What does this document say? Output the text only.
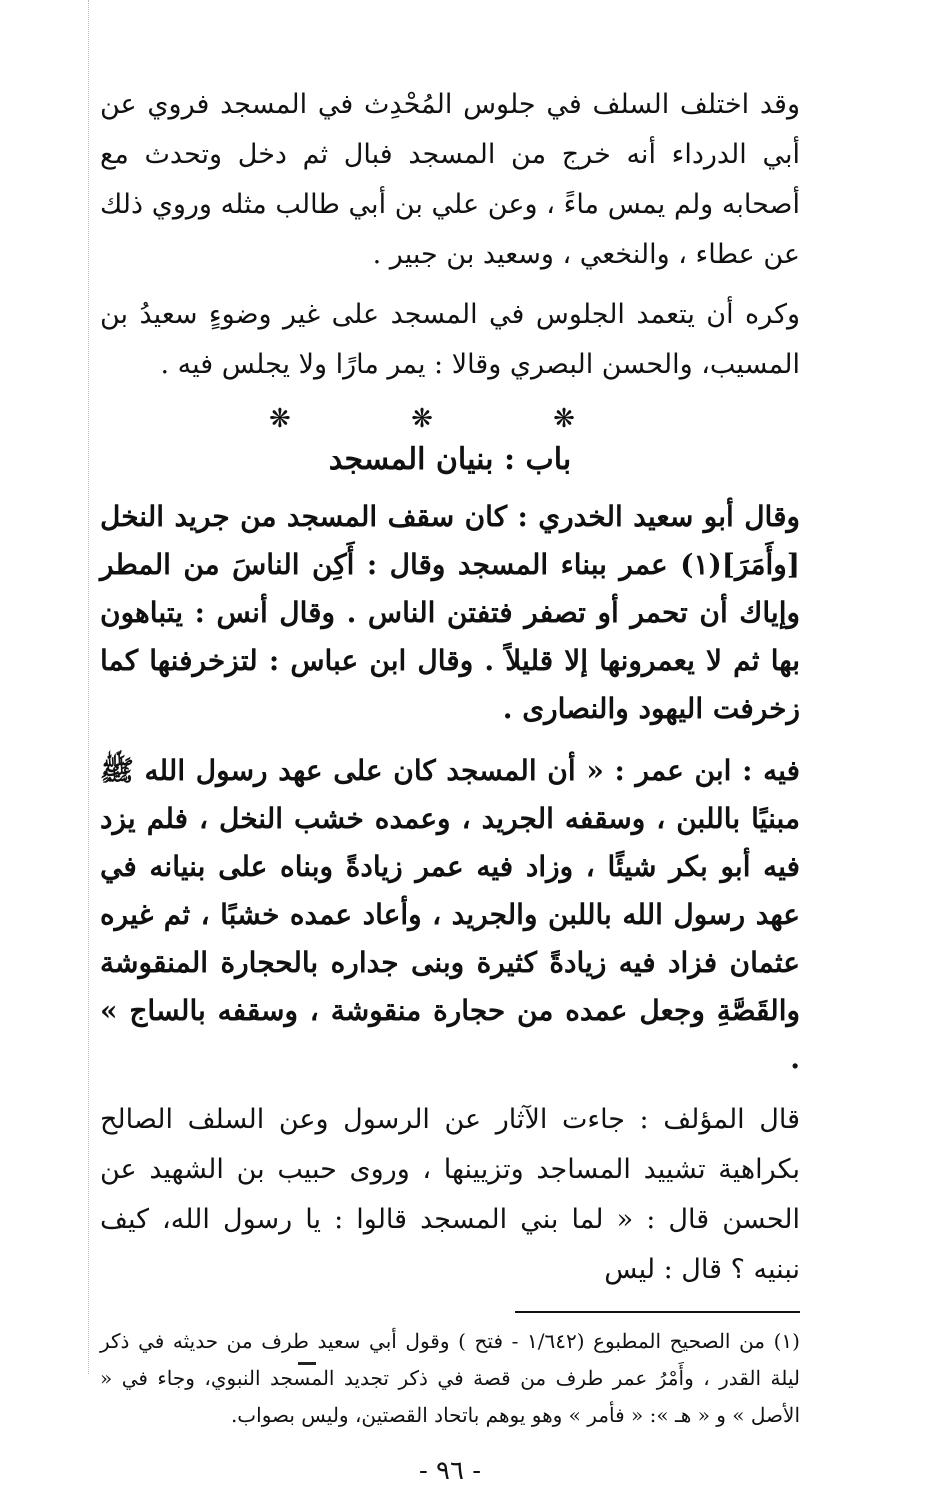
وقد اختلف السلف في جلوس المُحْدِث في المسجد فروي عن أبي الدرداء أنه خرج من المسجد فبال ثم دخل وتحدث مع أصحابه ولم يمس ماءً ، وعن علي بن أبي طالب مثله وروي ذلك عن عطاء ، والنخعي ، وسعيد بن جبير .

وكره أن يتعمد الجلوس في المسجد على غير وضوءٍ سعيدُ بن المسيب، والحسن البصري وقالا : يمر مارًا ولا يجلس فيه .

❋ ❋ ❋
باب : بنيان المسجد

وقال أبو سعيد الخدري : كان سقف المسجد من جريد النخل [وأَمَرَ](١) عمر ببناء المسجد وقال : أَكِن الناسَ من المطر وإياك أن تحمر أو تصفر فتفتن الناس . وقال أنس : يتباهون بها ثم لا يعمرونها إلا قليلاً . وقال ابن عباس : لتزخرفنها كما زخرفت اليهود والنصارى .

فيه : ابن عمر : « أن المسجد كان على عهد رسول الله ﷺ مبنيًا باللبن ، وسقفه الجريد ، وعمده خشب النخل ، فلم يزد فيه أبو بكر شيئًا ، وزاد فيه عمر زيادةً وبناه على بنيانه في عهد رسول الله باللبن والجريد ، وأعاد عمده خشبًا ، ثم غيره عثمان فزاد فيه زيادةً كثيرة وبنى جداره بالحجارة المنقوشة والقَصَّةِ وجعل عمده من حجارة منقوشة ، وسقفه بالساج » .

قال المؤلف : جاءت الآثار عن الرسول وعن السلف الصالح بكراهية تشييد المساجد وتزيينها ، وروى حبيب بن الشهيد عن الحسن قال : « لما بني المسجد قالوا : يا رسول الله، كيف نبنيه ؟ قال : ليس

(١) من الصحيح المطبوع (١/٦٤٢ - فتح ) وقول أبي سعيد طرف من حديثه في ذكر ليلة القدر ، وأَمْرُ عمر طرف من قصة في ذكر تجديد المسجد النبوي، وجاء في « الأصل » و « هـ »: « فأمر » وهو يوهم باتحاد القصتين، وليس بصواب.

- ٩٦ -
